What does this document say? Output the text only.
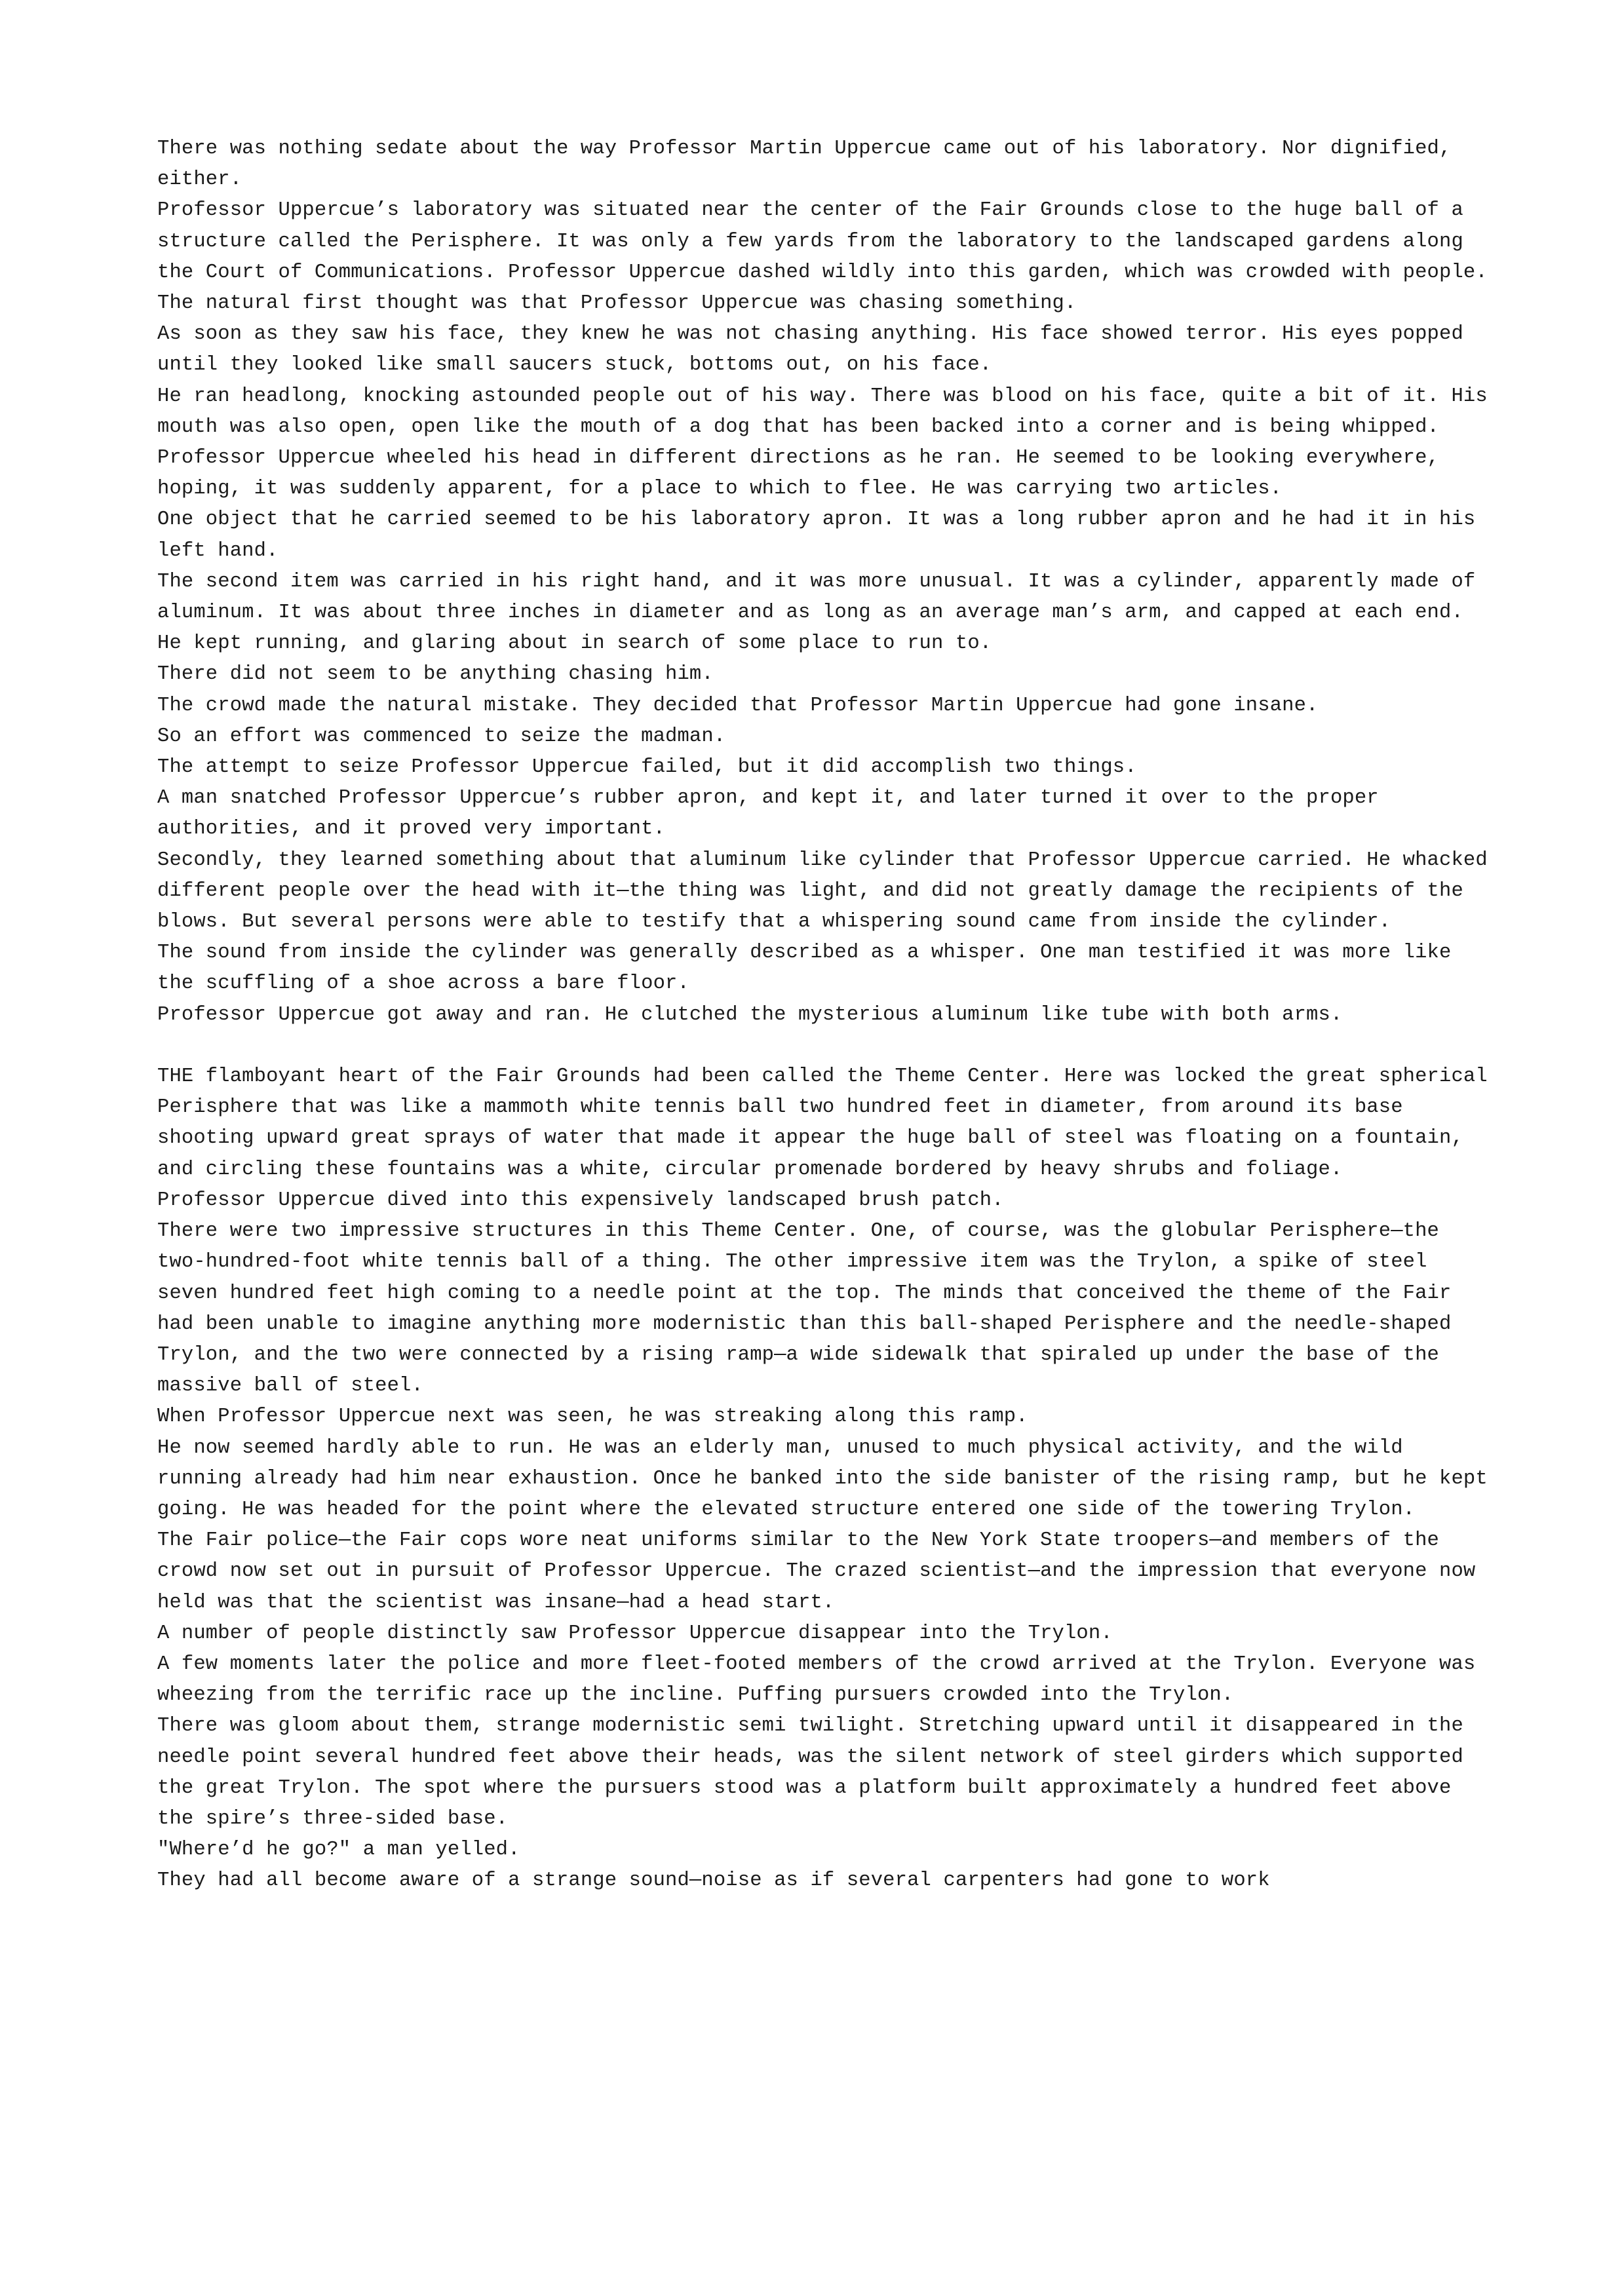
There was nothing sedate about the way Professor Martin Uppercue came out of his laboratory. Nor dignified, either.

Professor Uppercue’s laboratory was situated near the center of the Fair Grounds close to the huge ball of a structure called the Perisphere. It was only a few yards from the laboratory to the landscaped gardens along the Court of Communications. Professor Uppercue dashed wildly into this garden, which was crowded with people.

The natural first thought was that Professor Uppercue was chasing something.

As soon as they saw his face, they knew he was not chasing anything. His face showed terror. His eyes popped until they looked like small saucers stuck, bottoms out, on his face.

He ran headlong, knocking astounded people out of his way. There was blood on his face, quite a bit of it. His mouth was also open, open like the mouth of a dog that has been backed into a corner and is being whipped.

Professor Uppercue wheeled his head in different directions as he ran. He seemed to be looking everywhere, hoping, it was suddenly apparent, for a place to which to flee. He was carrying two articles.

One object that he carried seemed to be his laboratory apron. It was a long rubber apron and he had it in his left hand.

The second item was carried in his right hand, and it was more unusual. It was a cylinder, apparently made of aluminum. It was about three inches in diameter and as long as an average man’s arm, and capped at each end.

He kept running, and glaring about in search of some place to run to.

There did not seem to be anything chasing him.

The crowd made the natural mistake. They decided that Professor Martin Uppercue had gone insane.

So an effort was commenced to seize the madman.

The attempt to seize Professor Uppercue failed, but it did accomplish two things.

A man snatched Professor Uppercue’s rubber apron, and kept it, and later turned it over to the proper authorities, and it proved very important.

Secondly, they learned something about that aluminum like cylinder that Professor Uppercue carried. He whacked different people over the head with it—the thing was light, and did not greatly damage the recipients of the blows. But several persons were able to testify that a whispering sound came from inside the cylinder.

The sound from inside the cylinder was generally described as a whisper. One man testified it was more like the scuffling of a shoe across a bare floor.

Professor Uppercue got away and ran. He clutched the mysterious aluminum like tube with both arms.

THE flamboyant heart of the Fair Grounds had been called the Theme Center. Here was locked the great spherical Perisphere that was like a mammoth white tennis ball two hundred feet in diameter, from around its base shooting upward great sprays of water that made it appear the huge ball of steel was floating on a fountain, and circling these fountains was a white, circular promenade bordered by heavy shrubs and foliage.

Professor Uppercue dived into this expensively landscaped brush patch.

There were two impressive structures in this Theme Center. One, of course, was the globular Perisphere—the two-hundred-foot white tennis ball of a thing. The other impressive item was the Trylon, a spike of steel seven hundred feet high coming to a needle point at the top. The minds that conceived the theme of the Fair had been unable to imagine anything more modernistic than this ball-shaped Perisphere and the needle-shaped Trylon, and the two were connected by a rising ramp—a wide sidewalk that spiraled up under the base of the massive ball of steel.

When Professor Uppercue next was seen, he was streaking along this ramp.

He now seemed hardly able to run. He was an elderly man, unused to much physical activity, and the wild running already had him near exhaustion. Once he banked into the side banister of the rising ramp, but he kept going. He was headed for the point where the elevated structure entered one side of the towering Trylon.

The Fair police—the Fair cops wore neat uniforms similar to the New York State troopers—and members of the crowd now set out in pursuit of Professor Uppercue. The crazed scientist—and the impression that everyone now held was that the scientist was insane—had a head start.

A number of people distinctly saw Professor Uppercue disappear into the Trylon.

A few moments later the police and more fleet-footed members of the crowd arrived at the Trylon. Everyone was wheezing from the terrific race up the incline. Puffing pursuers crowded into the Trylon.

There was gloom about them, strange modernistic semi twilight. Stretching upward until it disappeared in the needle point several hundred feet above their heads, was the silent network of steel girders which supported the great Trylon. The spot where the pursuers stood was a platform built approximately a hundred feet above the spire’s three-sided base.

"Where’d he go?" a man yelled.

They had all become aware of a strange sound—noise as if several carpenters had gone to work
